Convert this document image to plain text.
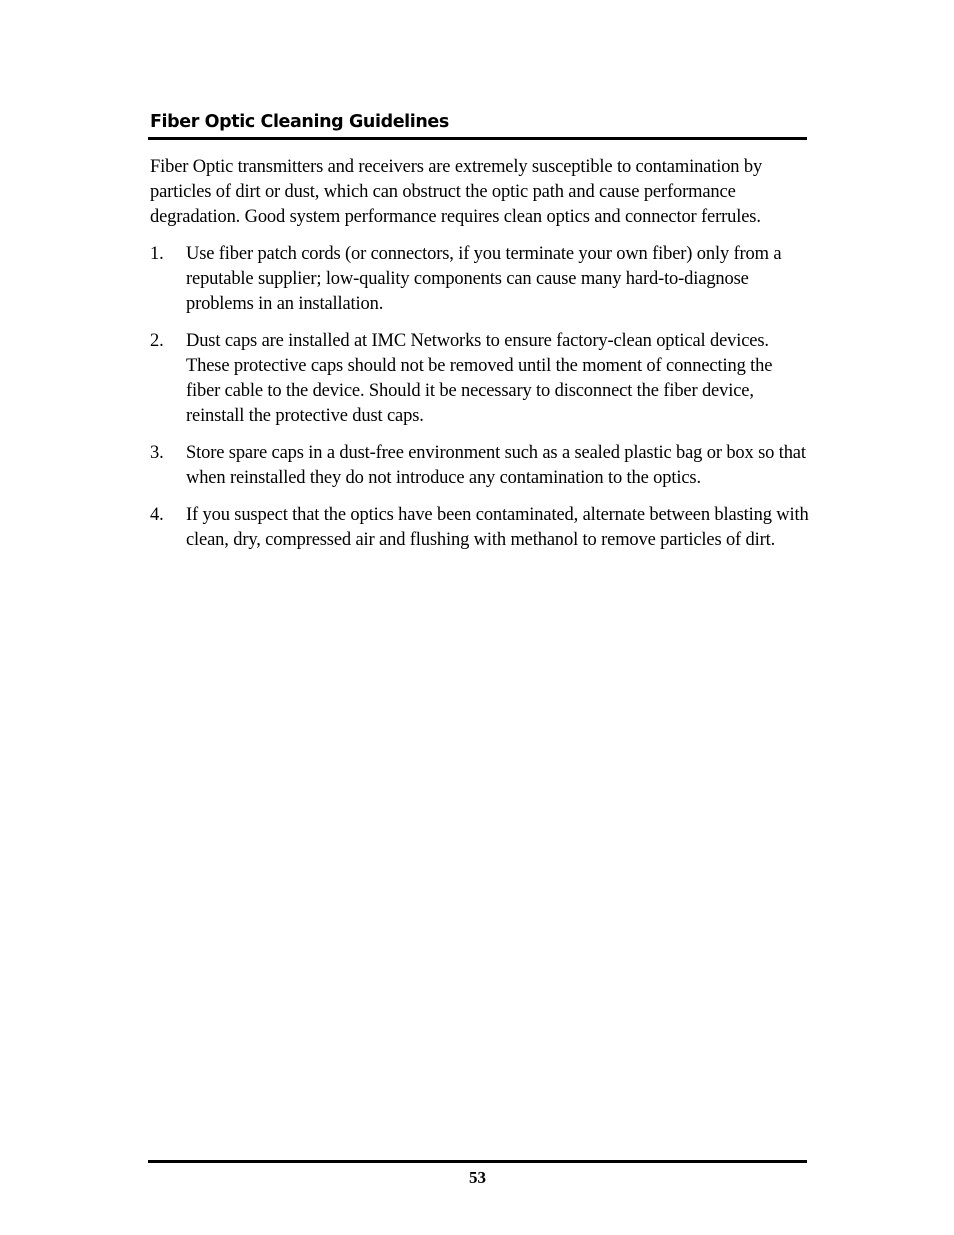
Fiber Optic Cleaning Guidelines

Fiber Optic transmitters and receivers are extremely susceptible to contamination by particles of dirt or dust, which can obstruct the optic path and cause performance degradation. Good system performance requires clean optics and connector ferrules.

1.	Use fiber patch cords (or connectors, if you terminate your own fiber) only from a reputable supplier; low-quality components can cause many hard-to-diagnose problems in an installation.
2.	Dust caps are installed at IMC Networks to ensure factory-clean optical devices. These protective caps should not be removed until the moment of connecting the fiber cable to the device. Should it be necessary to disconnect the fiber device, reinstall the protective dust caps.
3.	Store spare caps in a dust-free environment such as a sealed plastic bag or box so that when reinstalled they do not introduce any contamination to the optics.
4.	If you suspect that the optics have been contaminated, alternate between blasting with clean, dry, compressed air and flushing with methanol to remove particles of dirt.
53
